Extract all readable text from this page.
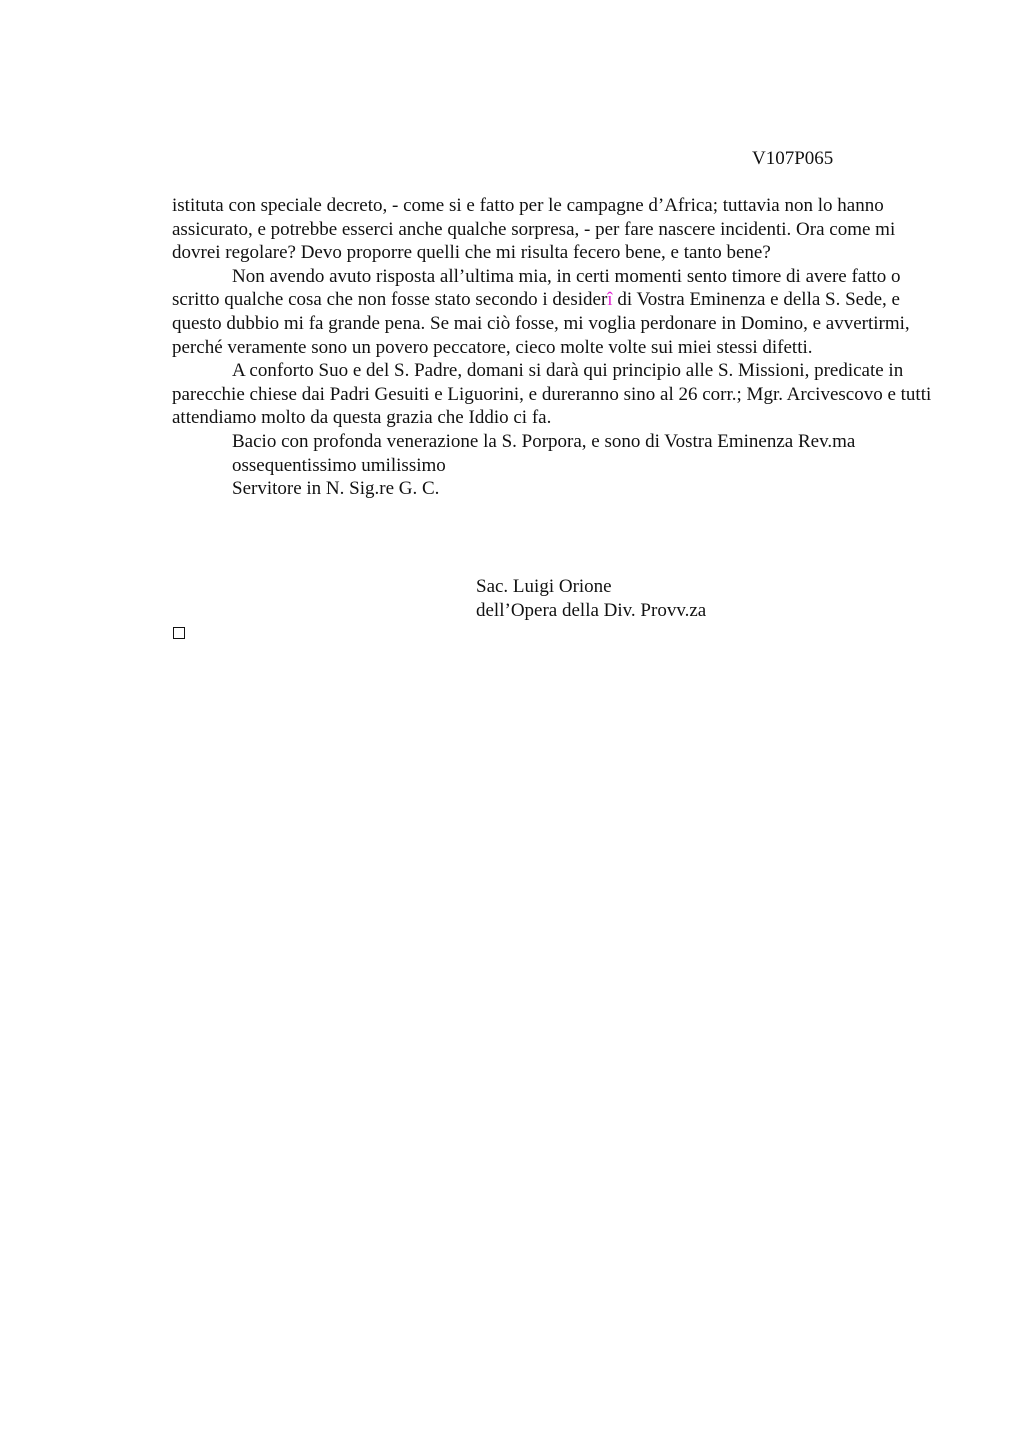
V107P065

istituta con speciale decreto, - come si e fatto per le campagne d’Africa; tuttavia non lo hanno assicurato, e potrebbe esserci anche qualche sorpresa, - per fare nascere incidenti. Ora come mi dovrei regolare? Devo proporre quelli che mi risulta fecero bene, e tanto bene?

Non avendo avuto risposta all’ultima mia, in certi momenti sento timore di avere fatto o scritto qualche cosa che non fosse stato secondo i desiderî di Vostra Eminenza e della S. Sede, e questo dubbio mi fa grande pena. Se mai ciò fosse, mi voglia perdonare in Domino, e avvertirmi, perché veramente sono un povero peccatore, cieco molte volte sui miei stessi difetti.

A conforto Suo e del S. Padre, domani si darà qui principio alle S. Missioni, predicate in parecchie chiese dai Padri Gesuiti e Liguorini, e dureranno sino al 26 corr.; Mgr. Arcivescovo e tutti attendiamo molto da questa grazia che Iddio ci fa.

Bacio con profonda venerazione la S. Porpora, e sono di Vostra Eminenza Rev.ma

ossequentissimo umilissimo

Servitore in N. Sig.re G. C.

Sac. Luigi Orione
dell’Opera della Div. Provv.za
